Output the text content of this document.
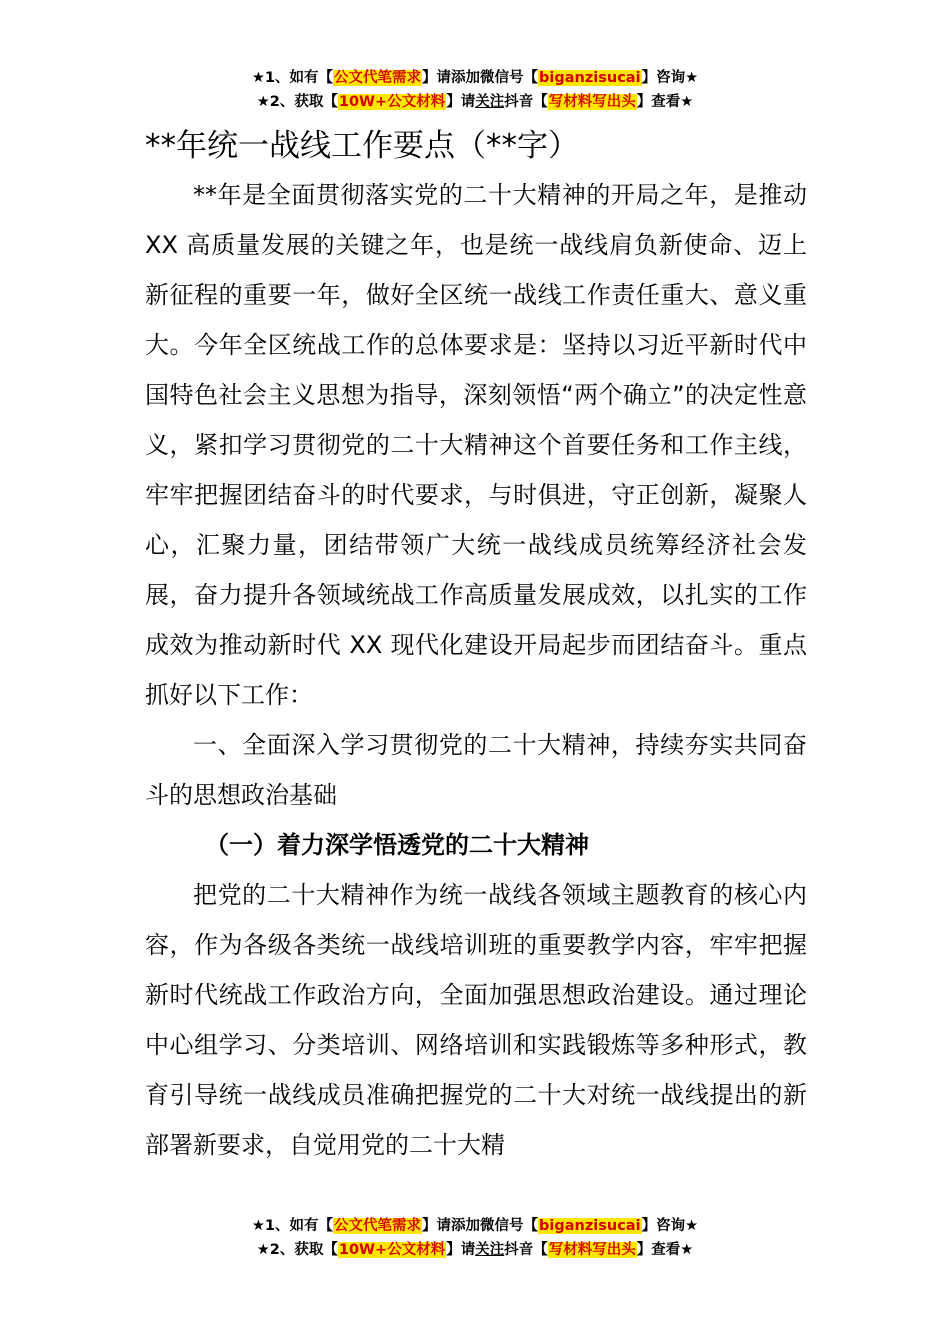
★1、如有【公文代笔需求】请添加微信号【biganzisucai】咨询★
★2、获取【10W+公文材料】请关注抖音【写材料写出头】查看★
**年统一战线工作要点（**字）

**年是全面贯彻落实党的二十大精神的开局之年，是推动 XX 高质量发展的关键之年，也是统一战线肩负新使命、迈上新征程的重要一年，做好全区统一战线工作责任重大、意义重大。今年全区统战工作的总体要求是：坚持以习近平新时代中国特色社会主义思想为指导，深刻领悟“两个确立”的决定性意义，紧扣学习贯彻党的二十大精神这个首要任务和工作主线，牢牢把握团结奋斗的时代要求，与时俱进，守正创新，凝聚人心，汇聚力量，团结带领广大统一战线成员统筹经济社会发展，奋力提升各领域统战工作高质量发展成效，以扎实的工作成效为推动新时代 XX 现代化建设开局起步而团结奋斗。重点抓好以下工作：

一、全面深入学习贯彻党的二十大精神，持续夯实共同奋斗的思想政治基础

（一）着力深学悟透党的二十大精神

把党的二十大精神作为统一战线各领域主题教育的核心内容，作为各级各类统一战线培训班的重要教学内容，牢牢把握新时代统战工作政治方向，全面加强思想政治建设。通过理论中心组学习、分类培训、网络培训和实践锻炼等多种形式，教育引导统一战线成员准确把握党的二十大对统一战线提出的新部署新要求，自觉用党的二十大精

★1、如有【公文代笔需求】请添加微信号【biganzisucai】咨询★
★2、获取【10W+公文材料】请关注抖音【写材料写出头】查看★
